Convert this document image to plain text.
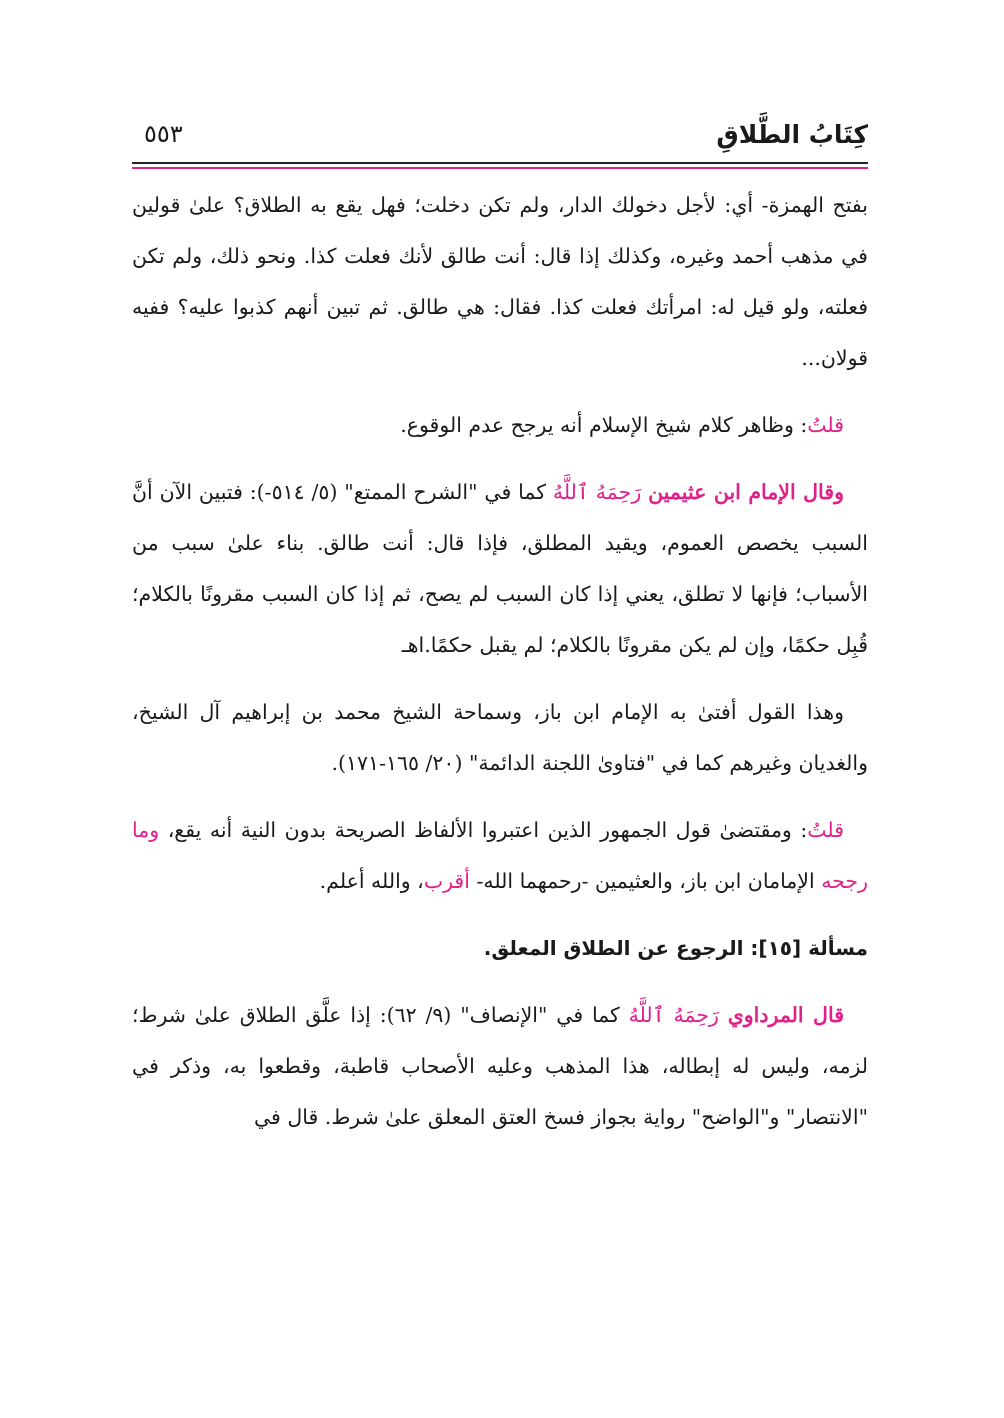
كِتَابُ الطَّلاقِ
٥٥٣

بفتح الهمزة- أي: لأجل دخولك الدار، ولم تكن دخلت؛ فهل يقع به الطلاق؟ علىٰ قولين في مذهب أحمد وغيره، وكذلك إذا قال: أنت طالق لأنك فعلت كذا. ونحو ذلك، ولم تكن فعلته، ولو قيل له: امرأتك فعلت كذا. فقال: هي طالق. ثم تبين أنهم كذبوا عليه؟ ففيه قولان...

قلتُ: وظاهر كلام شيخ الإسلام أنه يرجح عدم الوقوع.

وقال الإمام ابن عثيمين رَحِمَهُ ٱللَّهُ كما في "الشرح الممتع" (٥/ ٥١٤-): فتبين الآن أنَّ السبب يخصص العموم، ويقيد المطلق، فإذا قال: أنت طالق. بناء علىٰ سبب من الأسباب؛ فإنها لا تطلق، يعني إذا كان السبب لم يصح، ثم إذا كان السبب مقرونًا بالكلام؛ قُبِل حكمًا، وإن لم يكن مقرونًا بالكلام؛ لم يقبل حكمًا.اهـ

وهذا القول أفتىٰ به الإمام ابن باز، وسماحة الشيخ محمد بن إبراهيم آل الشيخ، والغديان وغيرهم كما في "فتاوىٰ اللجنة الدائمة" (٢٠/ ١٦٥-١٧١).

قلتُ: ومقتضىٰ قول الجمهور الذين اعتبروا الألفاظ الصريحة بدون النية أنه يقع، وما رجحه الإمامان ابن باز، والعثيمين -رحمهما الله- أقرب، والله أعلم.

مسألة [١٥]: الرجوع عن الطلاق المعلق.

قال المرداوي رَحِمَهُ ٱللَّهُ كما في "الإنصاف" (٩/ ٦٢): إذا علَّق الطلاق علىٰ شرط؛ لزمه، وليس له إبطاله، هذا المذهب وعليه الأصحاب قاطبة، وقطعوا به، وذكر في "الانتصار" و"الواضح" رواية بجواز فسخ العتق المعلق علىٰ شرط. قال في
